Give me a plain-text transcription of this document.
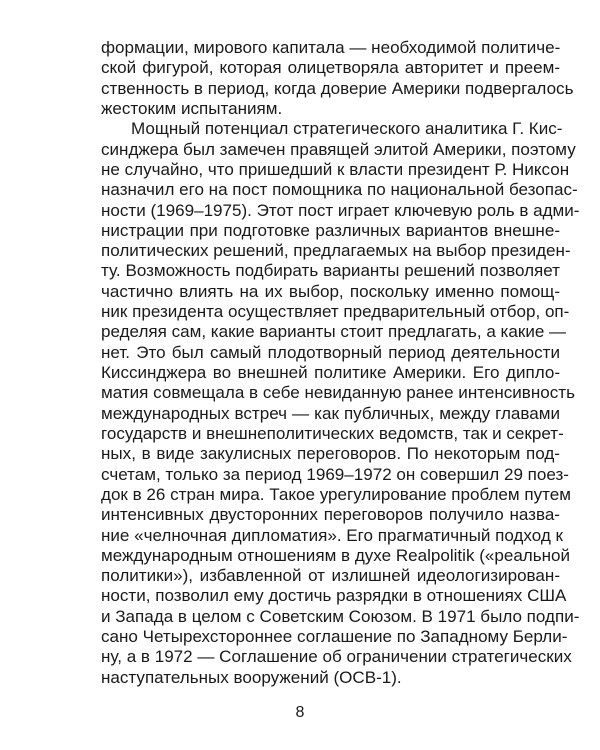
формации, мирового капитала — необходимой политиче-
ской фигурой, которая олицетворяла авторитет и преем-
ственность в период, когда доверие Америки подвергалось
жестоким испытаниям.
Мощный потенциал стратегического аналитика Г. Кис-
синджера был замечен правящей элитой Америки, поэтому
не случайно, что пришедший к власти президент Р. Никсон
назначил его на пост помощника по национальной безопас-
ности (1969–1975). Этот пост играет ключевую роль в адми-
нистрации при подготовке различных вариантов внешне-
политических решений, предлагаемых на выбор президен-
ту. Возможность подбирать варианты решений позволяет
частично влиять на их выбор, поскольку именно помощ-
ник президента осуществляет предварительный отбор, оп-
ределяя сам, какие варианты стоит предлагать, а какие —
нет. Это был самый плодотворный период деятельности
Киссинджера во внешней политике Америки. Его дипло-
матия совмещала в себе невиданную ранее интенсивность
международных встреч — как публичных, между главами
государств и внешнеполитических ведомств, так и секрет-
ных, в виде закулисных переговоров. По некоторым под-
счетам, только за период 1969–1972 он совершил 29 поез-
док в 26 стран мира. Такое урегулирование проблем путем
интенсивных двусторонних переговоров получило назва-
ние «челночная дипломатия». Его прагматичный подход к
международным отношениям в духе Realpolitik («реальной
политики»), избавленной от излишней идеологизирован-
ности, позволил ему достичь разрядки в отношениях США
и Запада в целом с Советским Союзом. В 1971 было подпи-
сано Четырехстороннее соглашение по Западному Берли-
ну, а в 1972 — Соглашение об ограничении стратегических
наступательных вооружений (ОСВ-1).
8
